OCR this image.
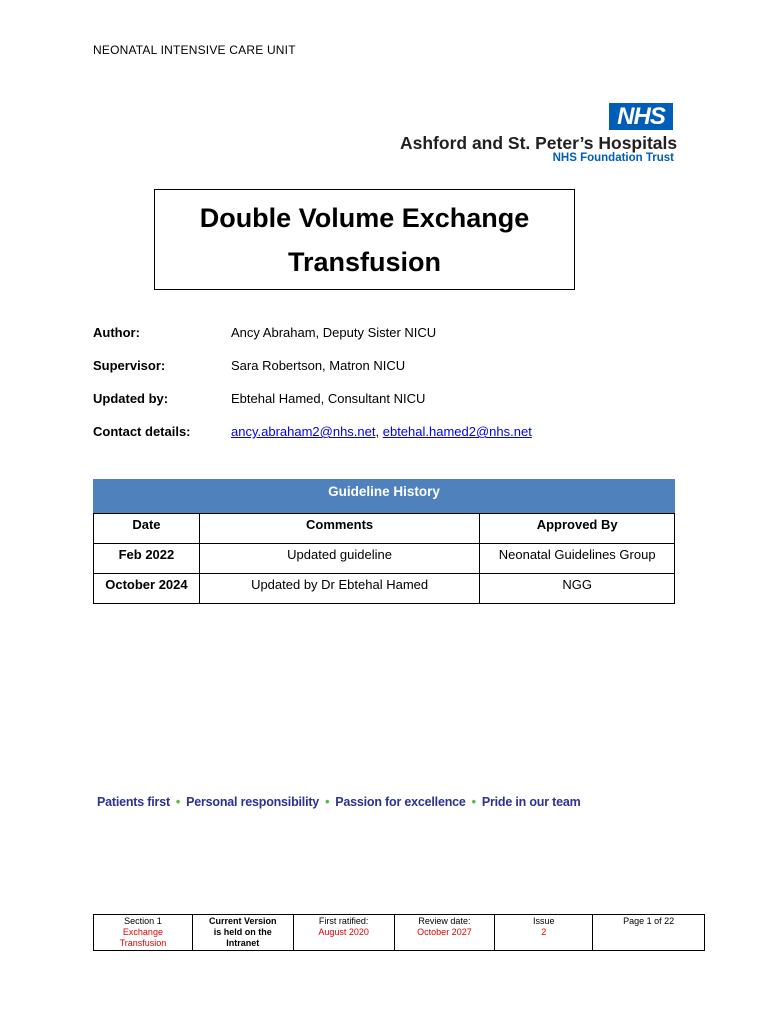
NEONATAL INTENSIVE CARE UNIT
NHS
Ashford and St. Peter’s Hospitals
NHS Foundation Trust
Double Volume Exchange Transfusion
Author:	Ancy Abraham, Deputy Sister NICU
Supervisor:	Sara Robertson, Matron NICU
Updated by:	Ebtehal Hamed, Consultant NICU
Contact details:	ancy.abraham2@nhs.net, ebtehal.hamed2@nhs.net
Guideline History
Date	Comments	Approved By
Feb 2022	Updated guideline	Neonatal Guidelines Group
October 2024	Updated by Dr Ebtehal Hamed	NGG
Patients first • Personal responsibility • Passion for excellence • Pride in our team
Section 1
Exchange
Transfusion

Current Version
is held on the
Intranet

First ratified:
August 2020

Review date:
October 2027

Issue
2

Page 1 of 22
